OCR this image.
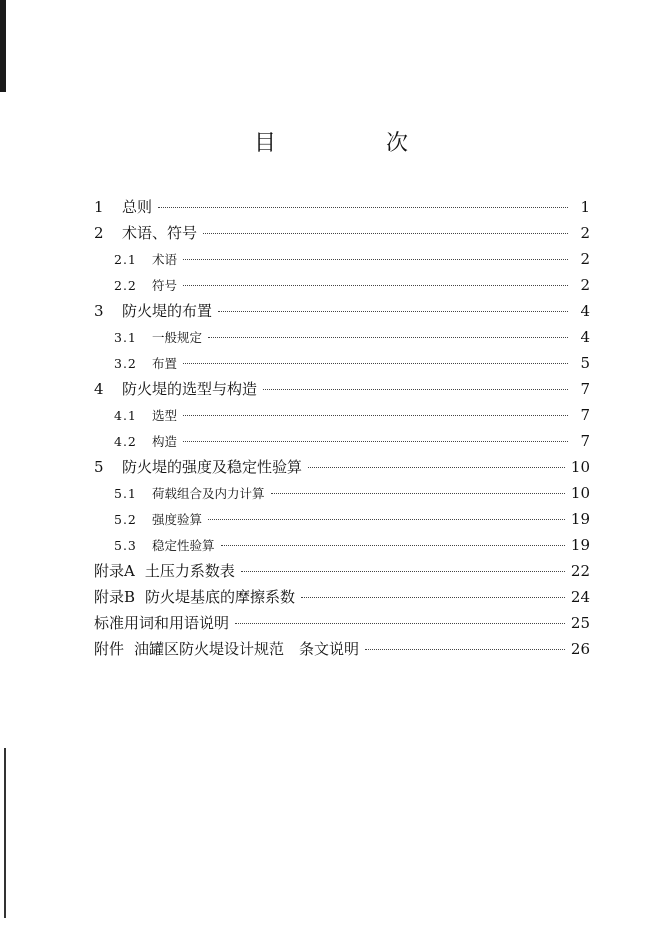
目　次
1	总则	1
2	术语、符号	2
2.1	术语	2
2.2	符号	2
3	防火堤的布置	4
3.1	一般规定	4
3.2	布置	5
4	防火堤的选型与构造	7
4.1	选型	7
4.2	构造	7
5	防火堤的强度及稳定性验算	10
5.1	荷载组合及内力计算	10
5.2	强度验算	19
5.3	稳定性验算	19
附录A 土压力系数表	22
附录B 防火堤基底的摩擦系数	24
标准用词和用语说明	25
附件 油罐区防火堤设计规范　条文说明	26
